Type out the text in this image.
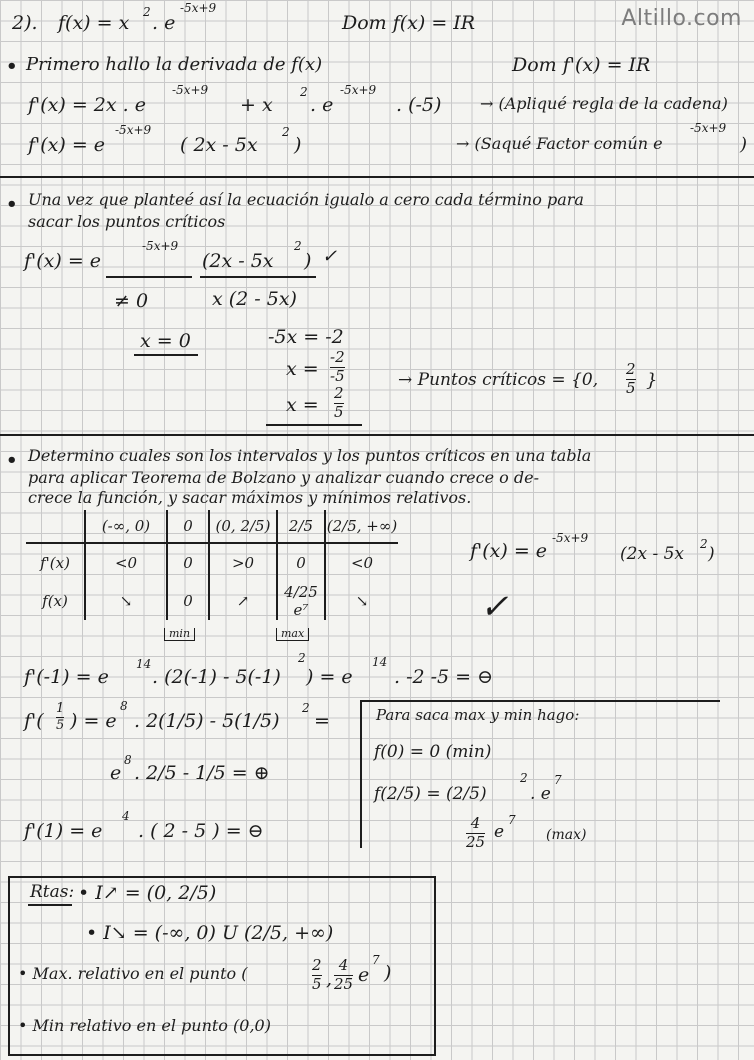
Altillo.com
2). f(x) = x 2 . e
-5x+9
Dom f(x) = IR
• Primero hallo la derivada de f(x)	Dom f'(x) = IR
f'(x) = 2x . e
-5x+9
+ x
2
. e
-5x+9
. (-5) → (Apliqué regla de la cadena)
f'(x) = e
-5x+9
( 2x - 5x
2
)	→ (Saqué Factor común e
-5x+9
)
• Una vez que planteé así la ecuación igualo a cero cada término para
sacar los puntos críticos
f'(x) = e
-5x+9
(2x - 5x
2
) ✓
≠ 0	x (2 - 5x)
x = 0	-5x = -2
x =
-2
-5
x =
2
5
→ Puntos críticos = {0,
2
5 }
• Determino cuales son los intervalos y los puntos críticos en una tabla
para aplicar Teorema de Bolzano y analizar cuando crece o de-
crece la función, y sacar máximos y mínimos relativos.
	(-∞, 0)	0	(0, 2/5)	2/5	(2/5, +∞)
f'(x)	<0	0	>0	0	<0
f(x)	↘	0	↗	4/25 e⁷	↘
min	max
f'(x) = e
-5x+9
(2x - 5x 2 )
✓
f'(-1) = e
14
. (2(-1) - 5(-1)
2
) = e
14
. -2 -5 = ⊖
f'(
1
5 ) = e
8
. 2(1/5) - 5(1/5)
2
=
e
8
. 2/5 - 1/5 = ⊕
f'(1) = e
4
. ( 2 - 5 ) = ⊖
Para saca max y min hago:
f(0) = 0 (min)
f(2/5) = (2/5)
2
. e
7
4
25 e
7
(max)
Rtas: • I↗ = (0, 2/5)
• I↘ = (-∞, 0) U (2/5, +∞)
• Max. relativo en el punto (	2
5 ,
4
25 e
7
)
• Min relativo en el punto (0,0)
